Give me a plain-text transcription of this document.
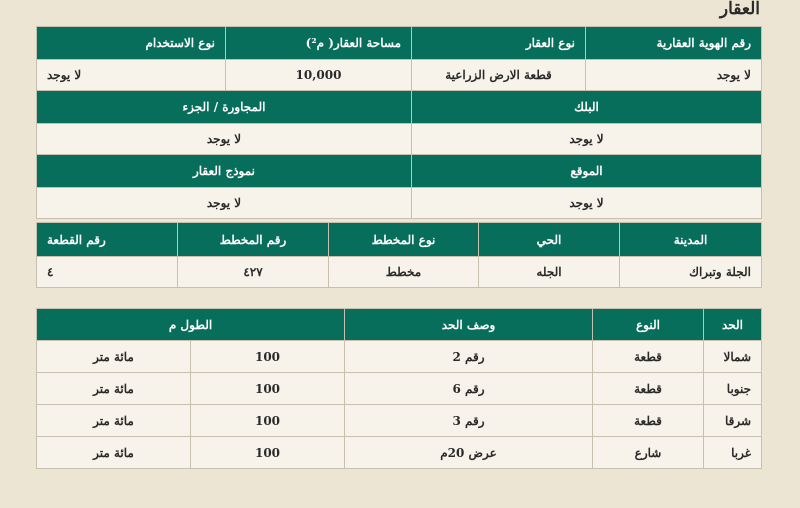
العقار
رقم الهوية العقارية	نوع العقار	مساحة العقار( م²)	نوع الاستخدام
لا يوجد	قطعة الارض الزراعية	10,000	لا يوجد
البلك		المجاورة / الجزء	
لا يوجد		لا يوجد	
الموقع		نموذج العقار	
لا يوجد		لا يوجد	
المدينة	الحي	نوع المخطط	رقم المخطط	رقم القطعة
الجلة وتبراك	الجله	مخطط	٤٢٧	٤
الحد	النوع	وصف الحد	الطول م	
شمالا	قطعة	رقم 2	100	مائة متر
جنوبا	قطعة	رقم 6	100	مائة متر
شرقا	قطعة	رقم 3	100	مائة متر
غربا	شارع	عرض 20م	100	مائة متر
